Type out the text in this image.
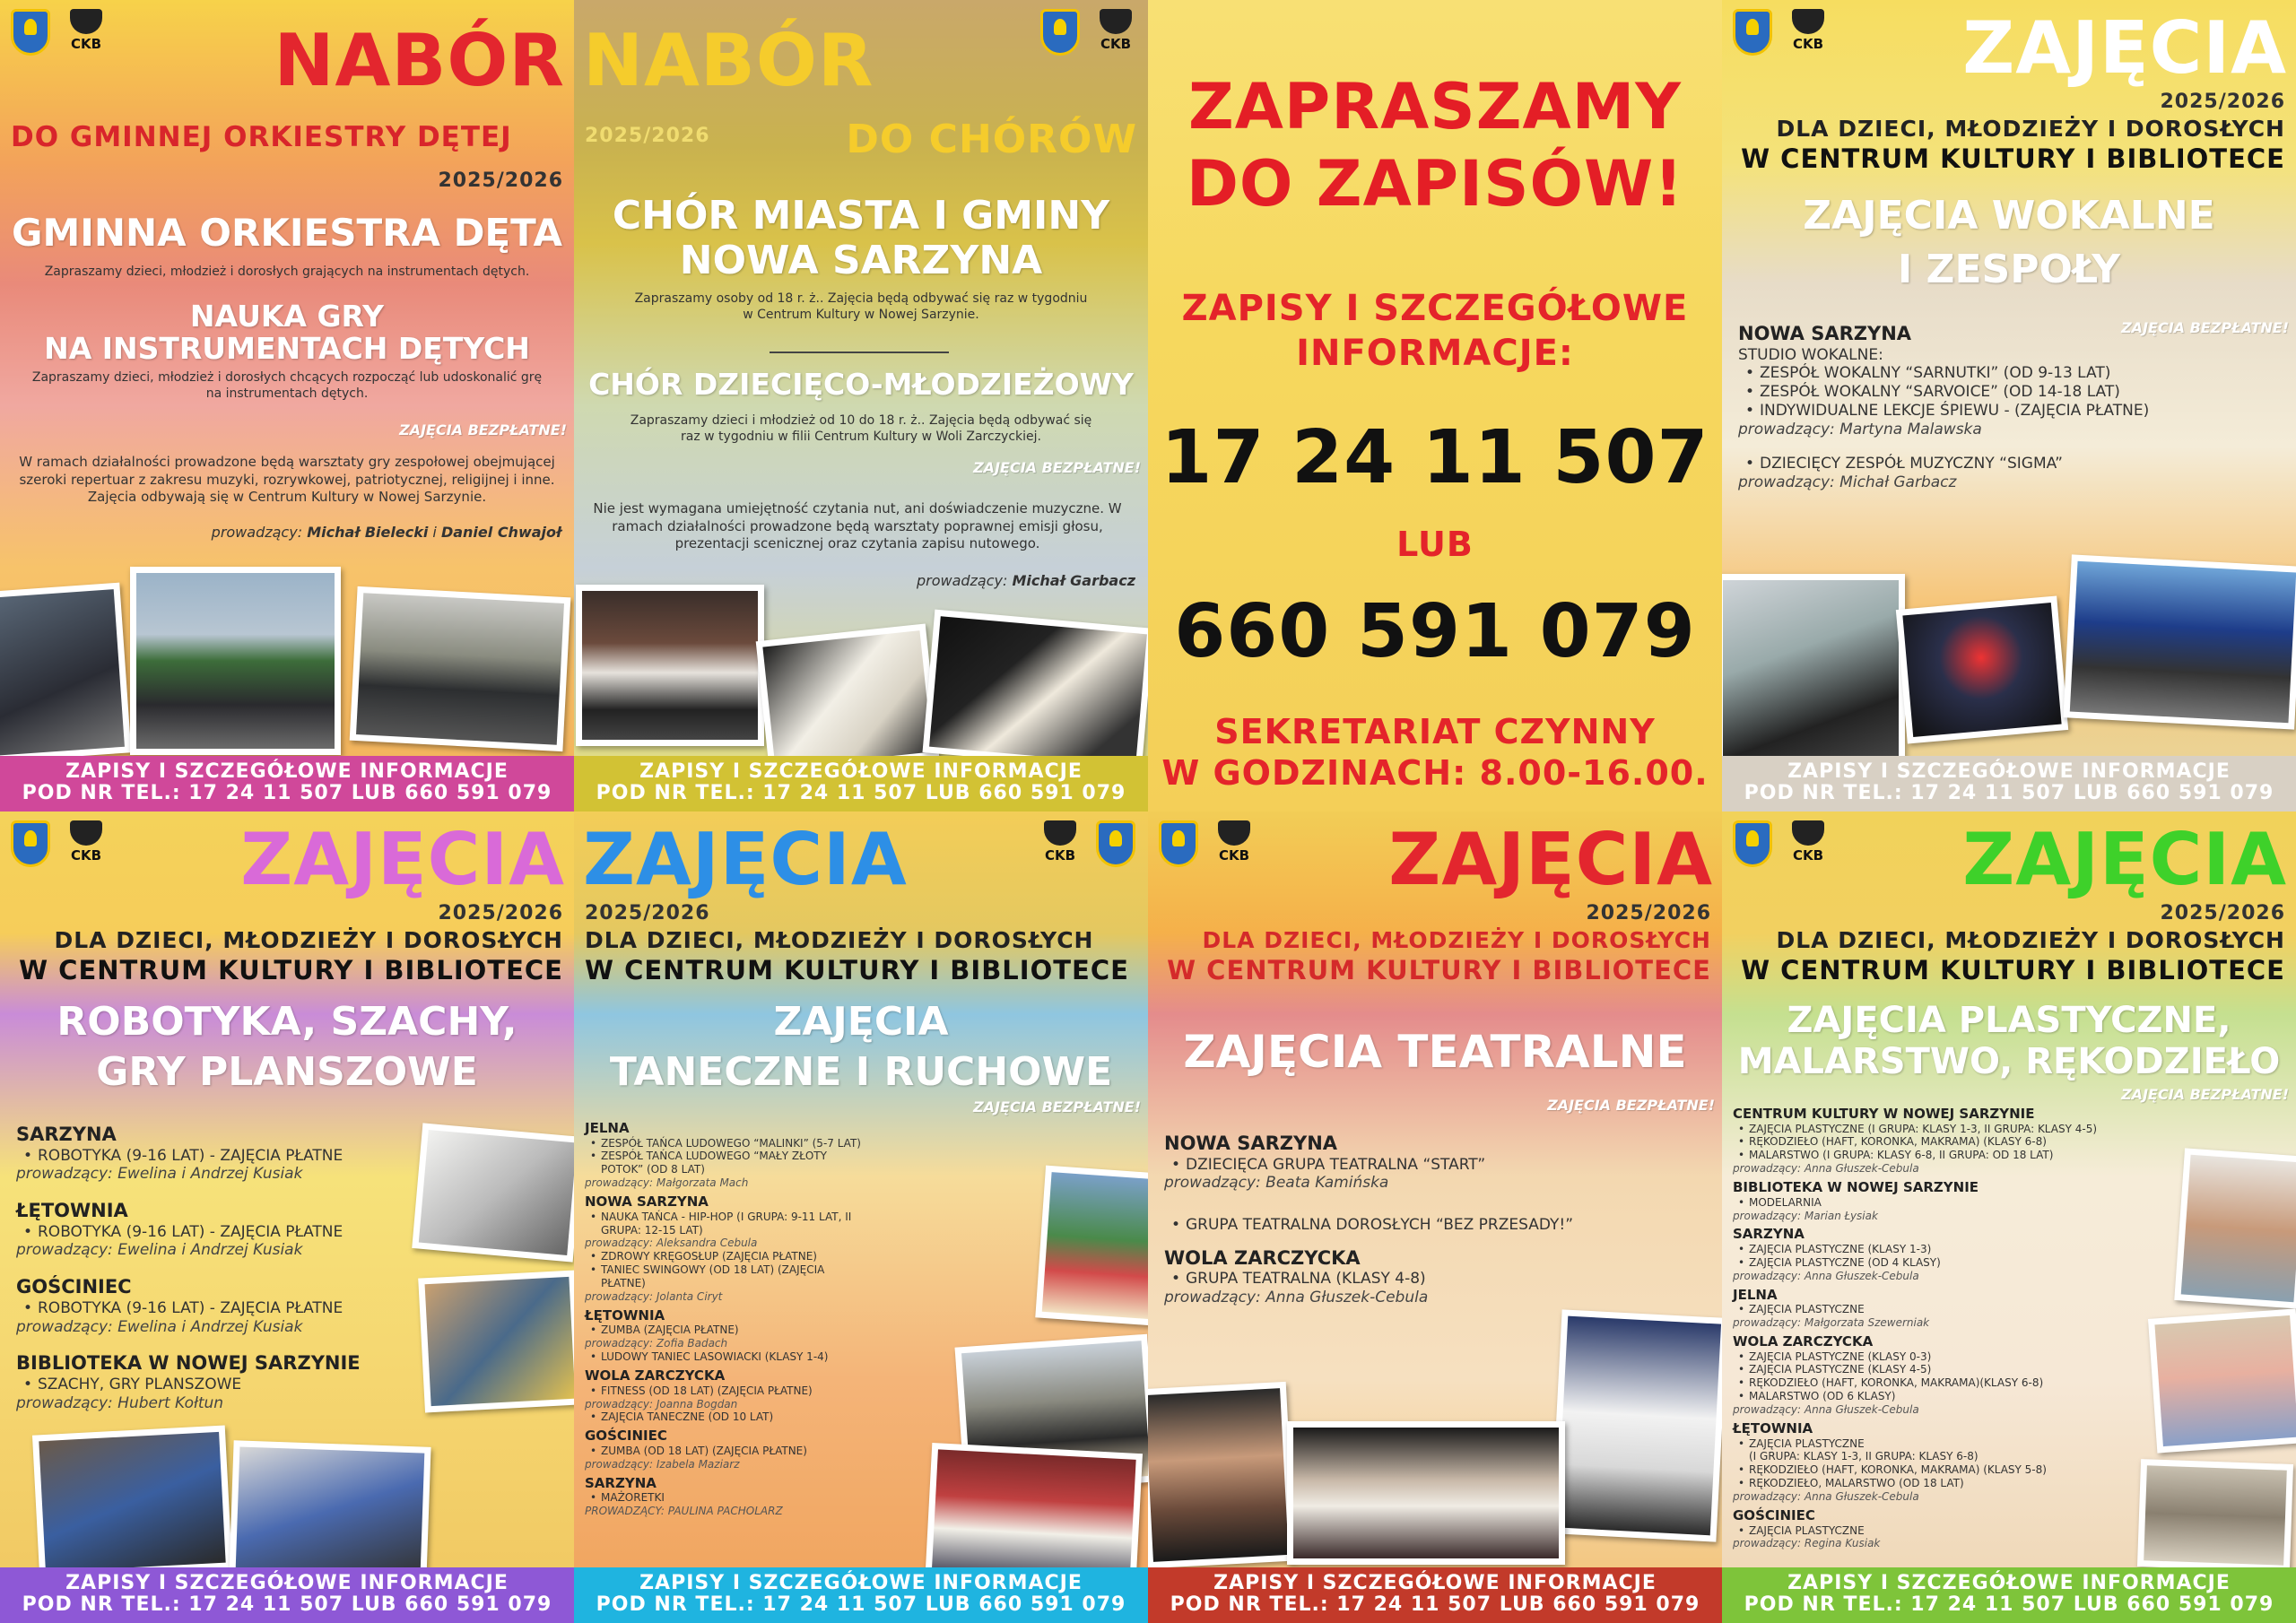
CKB NABÓR
DO GMINNEJ ORKIESTRY DĘTEJ
2025/2026
GMINNA ORKIESTRA DĘTA
Zapraszamy dzieci, młodzież i dorosłych grających na instrumentach dętych.
NAUKA GRY
NA INSTRUMENTACH DĘTYCH
Zapraszamy dzieci, młodzież i dorosłych chcących rozpocząć lub udoskonalić grę na instrumentach dętych.
ZAJĘCIA BEZPŁATNE!
W ramach działalności prowadzone będą warsztaty gry zespołowej obejmującej szeroki repertuar z zakresu muzyki, rozrywkowej, patriotycznej, religijnej i inne. Zajęcia odbywają się w Centrum Kultury w Nowej Sarzynie.
prowadzący: Michał Bielecki i Daniel Chwajoł
ZAPISY I SZCZEGÓŁOWE INFORMACJE
POD NR TEL.: 17 24 11 507 LUB 660 591 079
CKB
NABÓR
2025/2026	DO CHÓRÓW
CHÓR MIASTA I GMINY
NOWA SARZYNA
Zapraszamy osoby od 18 r. ż.. Zajęcia będą odbywać się raz w tygodniu w Centrum Kultury w Nowej Sarzynie.
CHÓR DZIECIĘCO-MŁODZIEŻOWY
Zapraszamy dzieci i młodzież od 10 do 18 r. ż.. Zajęcia będą odbywać się raz w tygodniu w filii Centrum Kultury w Woli Zarczyckiej.
ZAJĘCIA BEZPŁATNE!
Nie jest wymagana umiejętność czytania nut, ani doświadczenie muzyczne. W ramach działalności prowadzone będą warsztaty poprawnej emisji głosu, prezentacji scenicznej oraz czytania zapisu nutowego.
prowadzący: Michał Garbacz
ZAPISY I SZCZEGÓŁOWE INFORMACJE
POD NR TEL.: 17 24 11 507 LUB 660 591 079
ZAPRASZAMY
DO ZAPISÓW!
ZAPISY I SZCZEGÓŁOWE
INFORMACJE:
17 24 11 507
LUB
660 591 079
SEKRETARIAT CZYNNY
W GODZINACH: 8.00-16.00.
CKB ZAJĘCIA
2025/2026
DLA DZIECI, MŁODZIEŻY I DOROSŁYCH
W CENTRUM KULTURY I BIBLIOTECE
ZAJĘCIA WOKALNE
I ZESPOŁY
ZAJĘCIA BEZPŁATNE!
NOWA SARZYNA
STUDIO WOKALNE:
• ZESPÓŁ WOKALNY “SARNUTKI” (OD 9-13 LAT)
• ZESPÓŁ WOKALNY “SARVOICE” (OD 14-18 LAT)
• INDYWIDUALNE LEKCJE ŚPIEWU - (ZAJĘCIA PŁATNE)
prowadzący: Martyna Malawska
• DZIECIĘCY ZESPÓŁ MUZYCZNY “SIGMA”
prowadzący: Michał Garbacz
ZAPISY I SZCZEGÓŁOWE INFORMACJE
POD NR TEL.: 17 24 11 507 LUB 660 591 079
CKB ZAJĘCIA
2025/2026
DLA DZIECI, MŁODZIEŻY I DOROSŁYCH
W CENTRUM KULTURY I BIBLIOTECE
ROBOTYKA, SZACHY,
GRY PLANSZOWE
SARZYNA
• ROBOTYKA (9-16 LAT) - ZAJĘCIA PŁATNE
prowadzący: Ewelina i Andrzej Kusiak
ŁĘTOWNIA
• ROBOTYKA (9-16 LAT) - ZAJĘCIA PŁATNE
prowadzący: Ewelina i Andrzej Kusiak
GOŚCINIEC
• ROBOTYKA (9-16 LAT) - ZAJĘCIA PŁATNE
prowadzący: Ewelina i Andrzej Kusiak
BIBLIOTEKA W NOWEJ SARZYNIE
• SZACHY, GRY PLANSZOWE
prowadzący: Hubert Kołtun
ZAPISY I SZCZEGÓŁOWE INFORMACJE
POD NR TEL.: 17 24 11 507 LUB 660 591 079
CKB
ZAJĘCIA
2025/2026
DLA DZIECI, MŁODZIEŻY I DOROSŁYCH
W CENTRUM KULTURY I BIBLIOTECE
ZAJĘCIA
TANECZNE I RUCHOWE
ZAJĘCIA BEZPŁATNE!
JELNA
• ZESPÓŁ TAŃCA LUDOWEGO “MALINKI” (5-7 LAT)
• ZESPÓŁ TAŃCA LUDOWEGO “MAŁY ZŁOTY POTOK” (OD 8 LAT)
prowadzący: Małgorzata Mach
NOWA SARZYNA
• NAUKA TAŃCA - HIP-HOP (I GRUPA: 9-11 LAT, II GRUPA: 12-15 LAT)
prowadzący: Aleksandra Cebula
• ZDROWY KRĘGOSŁUP (ZAJĘCIA PŁATNE)
• TANIEC SWINGOWY (OD 18 LAT) (ZAJĘCIA PŁATNE)
prowadzący: Jolanta Ciryt
ŁĘTOWNIA
• ZUMBA (ZAJĘCIA PŁATNE)
prowadzący: Zofia Badach
• LUDOWY TANIEC LASOWIACKI (KLASY 1-4)
WOLA ZARCZYCKA
• FITNESS (OD 18 LAT) (ZAJĘCIA PŁATNE)
prowadzący: Joanna Bogdan
• ZAJĘCIA TANECZNE (OD 10 LAT)
GOŚCINIEC
• ZUMBA (OD 18 LAT) (ZAJĘCIA PŁATNE)
prowadzący: Izabela Maziarz
SARZYNA
• MAŻORETKI
PROWADZĄCY: PAULINA PACHOLARZ
ZAPISY I SZCZEGÓŁOWE INFORMACJE
POD NR TEL.: 17 24 11 507 LUB 660 591 079
CKB ZAJĘCIA
2025/2026
DLA DZIECI, MŁODZIEŻY I DOROSŁYCH
W CENTRUM KULTURY I BIBLIOTECE
ZAJĘCIA TEATRALNE
ZAJĘCIA BEZPŁATNE!
NOWA SARZYNA
• DZIECIĘCA GRUPA TEATRALNA “START”
prowadzący: Beata Kamińska
• GRUPA TEATRALNA DOROSŁYCH “BEZ PRZESADY!”
WOLA ZARCZYCKA
• GRUPA TEATRALNA (KLASY 4-8)
prowadzący: Anna Głuszek-Cebula
ZAPISY I SZCZEGÓŁOWE INFORMACJE
POD NR TEL.: 17 24 11 507 LUB 660 591 079
CKB ZAJĘCIA
2025/2026
DLA DZIECI, MŁODZIEŻY I DOROSŁYCH
W CENTRUM KULTURY I BIBLIOTECE
ZAJĘCIA PLASTYCZNE,
MALARSTWO, RĘKODZIEŁO
ZAJĘCIA BEZPŁATNE!
CENTRUM KULTURY W NOWEJ SARZYNIE
• ZAJĘCIA PLASTYCZNE (I GRUPA: KLASY 1-3, II GRUPA: KLASY 4-5)
• RĘKODZIEŁO (HAFT, KORONKA, MAKRAMA) (KLASY 6-8)
• MALARSTWO (I GRUPA: KLASY 6-8, II GRUPA: OD 18 LAT)
prowadzący: Anna Głuszek-Cebula
BIBLIOTEKA W NOWEJ SARZYNIE
• MODELARNIA
prowadzący: Marian Łysiak
SARZYNA
• ZAJĘCIA PLASTYCZNE (KLASY 1-3)
• ZAJĘCIA PLASTYCZNE (OD 4 KLASY)
prowadzący: Anna Głuszek-Cebula
JELNA
• ZAJĘCIA PLASTYCZNE
prowadzący: Małgorzata Szewerniak
WOLA ZARCZYCKA
• ZAJĘCIA PLASTYCZNE (KLASY 0-3)
• ZAJĘCIA PLASTYCZNE (KLASY 4-5)
• RĘKODZIEŁO (HAFT, KORONKA, MAKRAMA)(KLASY 6-8)
• MALARSTWO (OD 6 KLASY)
prowadzący: Anna Głuszek-Cebula
ŁĘTOWNIA
• ZAJĘCIA PLASTYCZNE
(I GRUPA: KLASY 1-3, II GRUPA: KLASY 6-8)
• RĘKODZIEŁO (HAFT, KORONKA, MAKRAMA) (KLASY 5-8)
• RĘKODZIEŁO, MALARSTWO (OD 18 LAT)
prowadzący: Anna Głuszek-Cebula
GOŚCINIEC
• ZAJĘCIA PLASTYCZNE
prowadzący: Regina Kusiak
ZAPISY I SZCZEGÓŁOWE INFORMACJE
POD NR TEL.: 17 24 11 507 LUB 660 591 079
